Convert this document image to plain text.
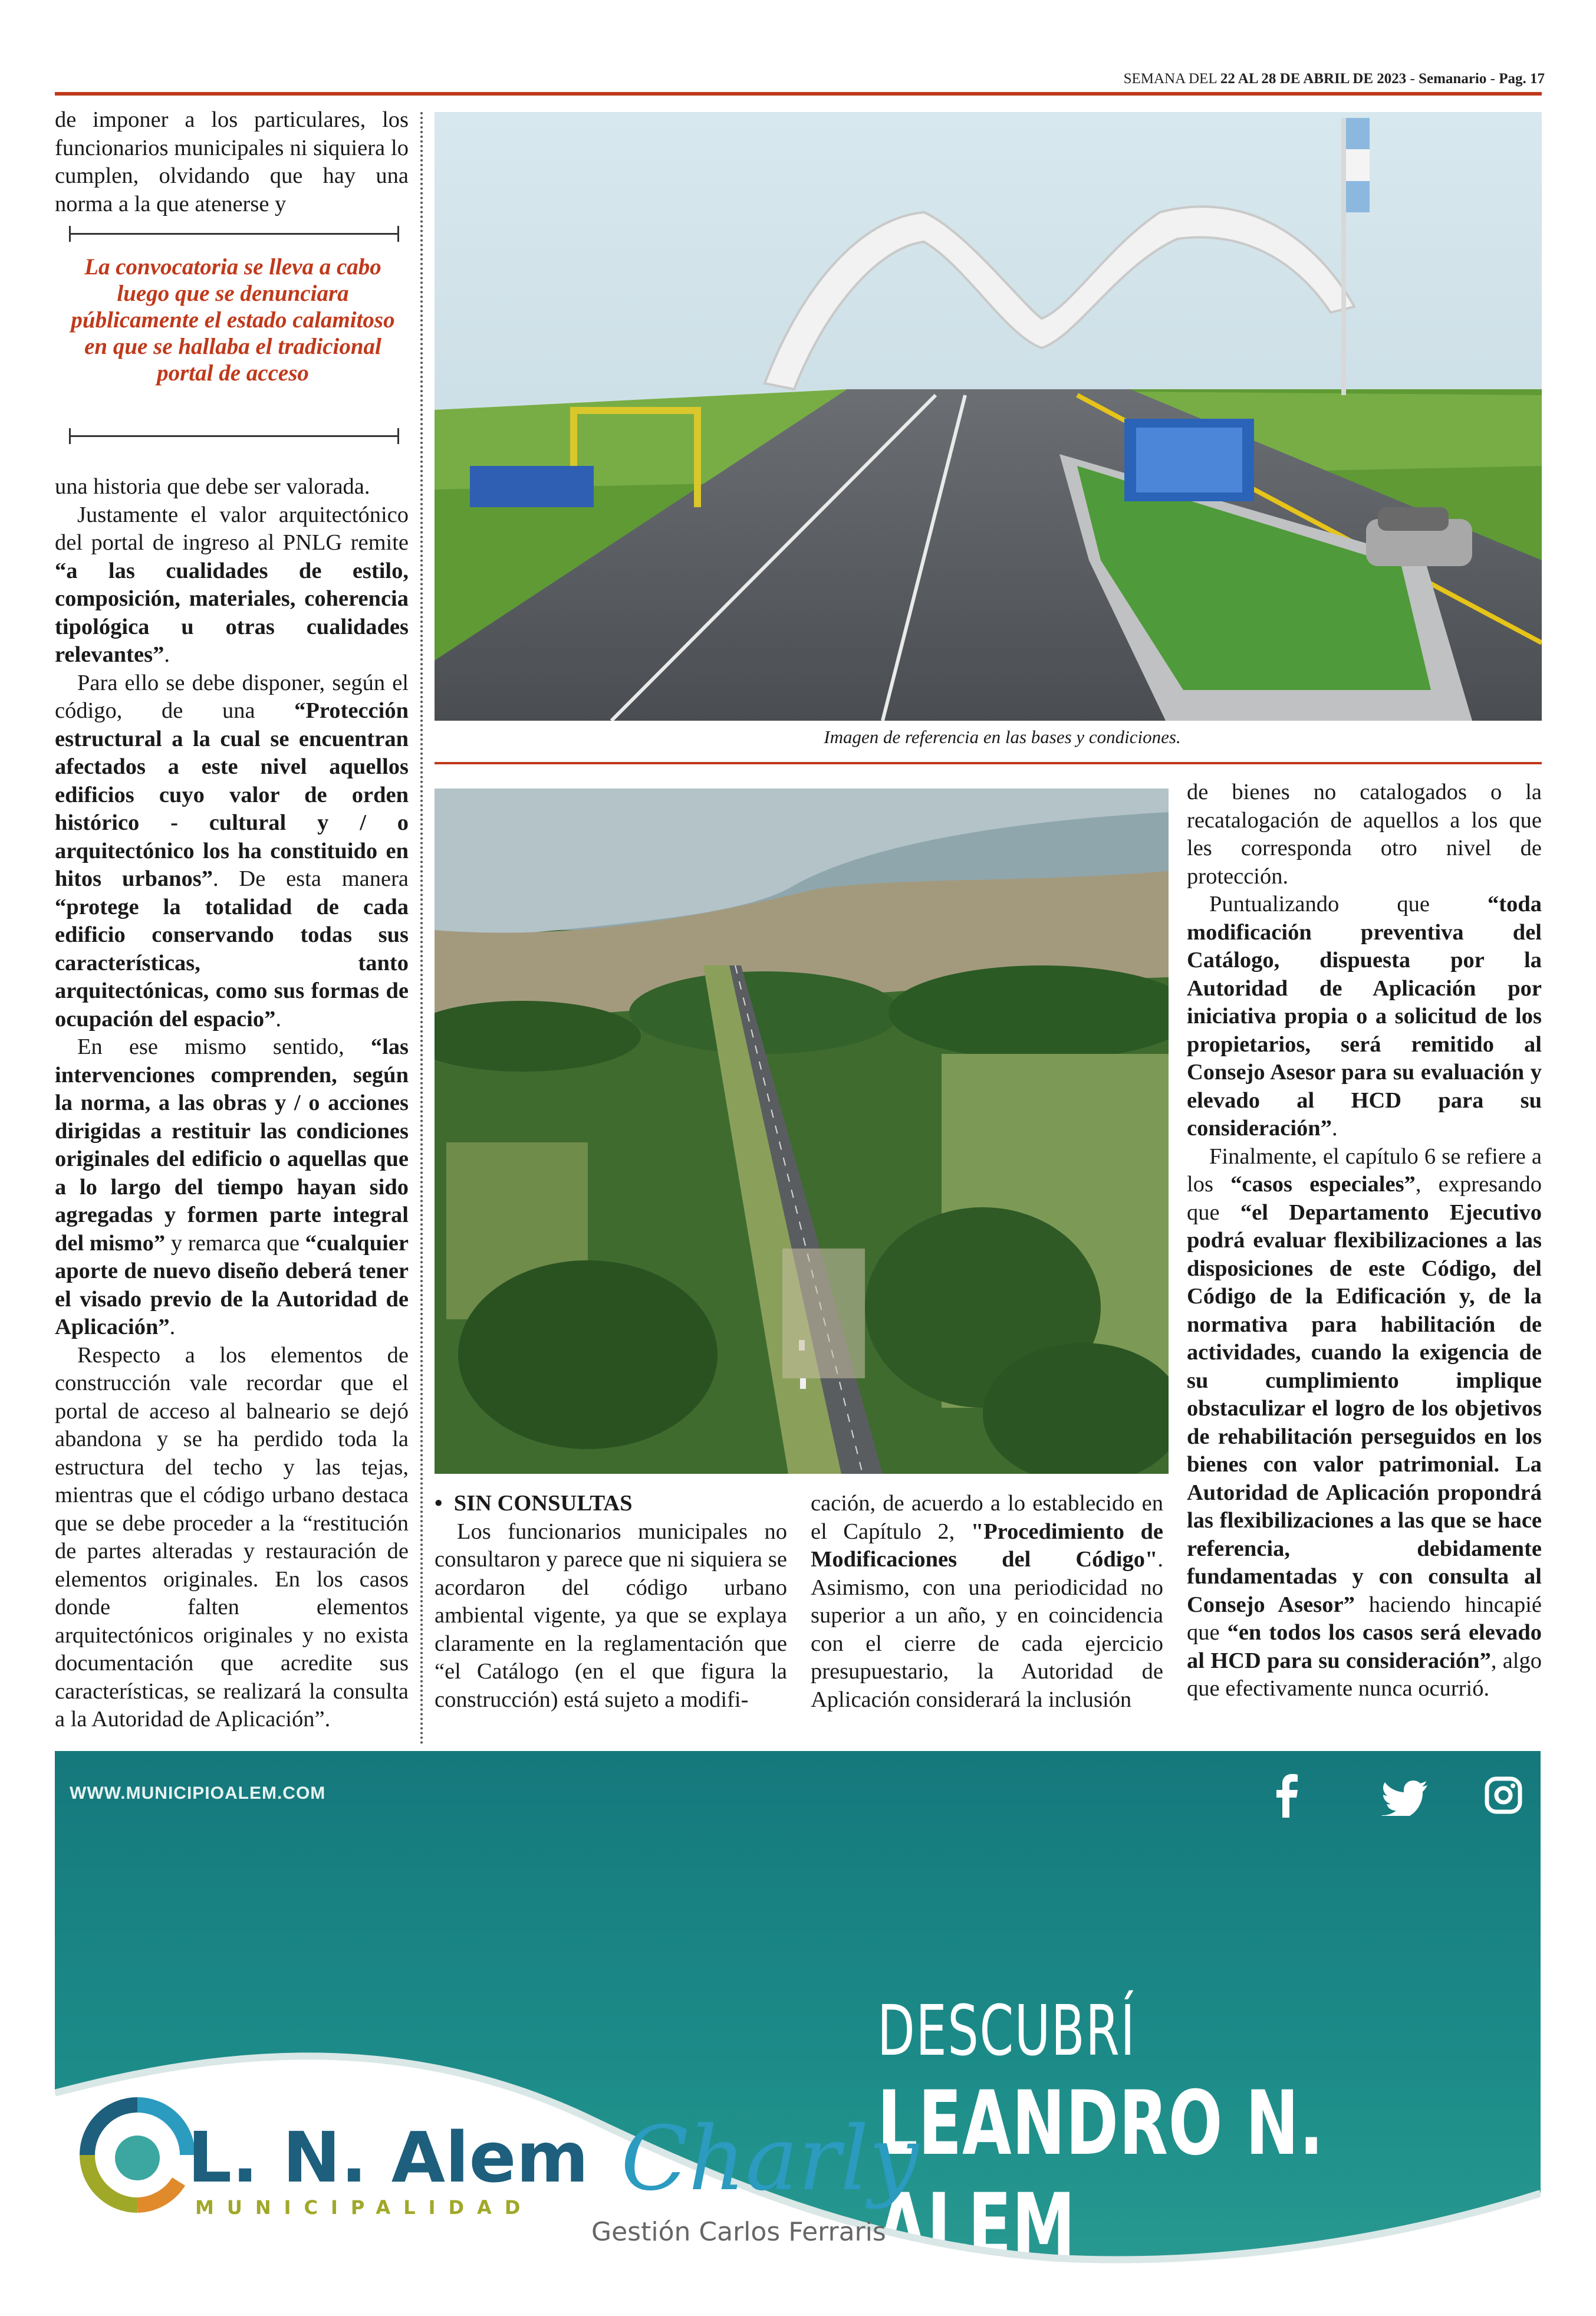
SEMANA DEL 22 AL 28 DE ABRIL DE 2023 - Semanario - Pag. 17

de imponer a los particulares, los funcionarios municipales ni siquiera lo cumplen, olvidando que hay una norma a la que atenerse y

La convocatoria se lleva a cabo luego que se denunciara públicamente el estado calamitoso en que se hallaba el tradicional portal de acceso

una historia que debe ser valorada.

Justamente el valor arquitectónico del portal de ingreso al PNLG remite “a las cualidades de estilo, composición, materiales, coherencia tipológica u otras cualidades relevantes”.

Para ello se debe disponer, según el código, de una “Protección estructural a la cual se encuentran afectados a este nivel aquellos edificios cuyo valor de orden histórico - cultural y / o arquitectónico los ha constituido en hitos urbanos”. De esta manera “protege la totalidad de cada edificio conservando todas sus características, tanto arquitectónicas, como sus formas de ocupación del espacio”.

En ese mismo sentido, “las intervenciones comprenden, según la norma, a las obras y / o acciones dirigidas a restituir las condiciones originales del edificio o aquellas que a lo largo del tiempo hayan sido agregadas y formen parte integral del mismo” y remarca que “cualquier aporte de nuevo diseño deberá tener el visado previo de la Autoridad de Aplicación”.

Respecto a los elementos de construcción vale recordar que el portal de acceso al balneario se dejó abandona y se ha perdido toda la estructura del techo y las tejas, mientras que el código urbano destaca que se debe proceder a la “restitución de partes alteradas y restauración de elementos originales. En los casos donde falten elementos arquitectónicos originales y no exista documentación que acredite sus características, se realizará la consulta a la Autoridad de Aplicación”.

Imagen de referencia en las bases y condiciones.

•  SIN CONSULTAS

Los funcionarios municipales no consultaron y parece que ni siquiera se acordaron del código urbano ambiental vigente, ya que se explaya claramente en la reglamentación que “el Catálogo (en el que figura la construcción) está sujeto a modifi-

cación, de acuerdo a lo establecido en el Capítulo 2, "Procedimiento de Modificaciones del Código". Asimismo, con una periodicidad no superior a un año, y en coincidencia con el cierre de cada ejercicio presupuestario, la Autoridad de Aplicación considerará la inclusión

de bienes no catalogados o la recatalogación de aquellos a los que les corresponda otro nivel de protección.

Puntualizando que “toda modificación preventiva del Catálogo, dispuesta por la Autoridad de Aplicación por iniciativa propia o a solicitud de los propietarios, será remitido al Consejo Asesor para su evaluación y elevado al HCD para su consideración”.

Finalmente, el capítulo 6 se refiere a los “casos especiales”, expresando que “el Departamento Ejecutivo podrá evaluar flexibilizaciones a las disposiciones de este Código, del Código de la Edificación y, de la normativa para habilitación de actividades, cuando la exigencia de su cumplimiento implique obstaculizar el logro de los objetivos de rehabilitación perseguidos en los bienes con valor patrimonial. La Autoridad de Aplicación propondrá las flexibilizaciones a las que se hace referencia, debidamente fundamentadas y con consulta al Consejo Asesor” haciendo hincapié que “en todos los casos será elevado al HCD para su consideración”, algo que efectivamente nunca ocurrió.

WWW.MUNICIPIOALEM.COM
DESCUBRÍ
LEANDRO N. ALEM
L. N. Alem
MUNICIPALIDAD Charly
Gestión Carlos Ferraris
